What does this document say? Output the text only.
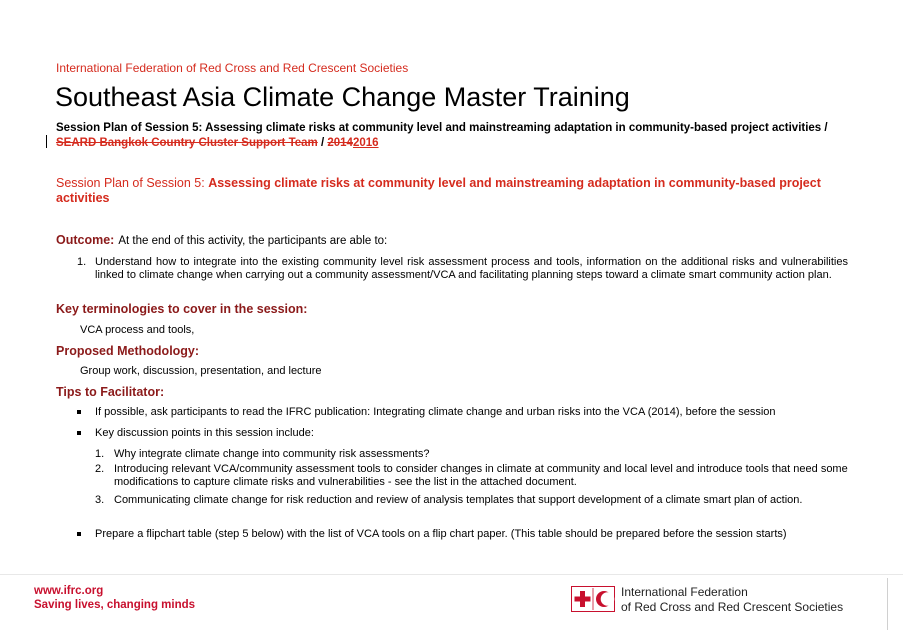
International Federation of Red Cross and Red Crescent Societies
Southeast Asia Climate Change Master Training
Session Plan of Session 5: Assessing climate risks at community level and mainstreaming adaptation in community-based project activities / SEARD Bangkok Country Cluster Support Team / 20142016
Session Plan of Session 5: Assessing climate risks at community level and mainstreaming adaptation in community-based project activities
Outcome: At the end of this activity, the participants are able to:
1. Understand how to integrate into the existing community level risk assessment process and tools, information on the additional risks and vulnerabilities linked to climate change when carrying out a community assessment/VCA and facilitating planning steps toward a climate smart community action plan.
Key terminologies to cover in the session:
VCA process and tools,
Proposed Methodology:
Group work, discussion, presentation, and lecture
Tips to Facilitator:
If possible, ask participants to read the IFRC publication: Integrating climate change and urban risks into the VCA (2014), before the session
Key discussion points in this session include:
1. Why integrate climate change into community risk assessments?
2. Introducing relevant VCA/community assessment tools to consider changes in climate at community and local level and introduce tools that need some modifications to capture climate risks and vulnerabilities - see the list in the attached document.
3. Communicating climate change for risk reduction and review of analysis templates that support development of a climate smart plan of action.
Prepare a flipchart table (step 5 below) with the list of VCA tools on a flip chart paper. (This table should be prepared before the session starts)
www.ifrc.org
Saving lives, changing minds
International Federation
of Red Cross and Red Crescent Societies
